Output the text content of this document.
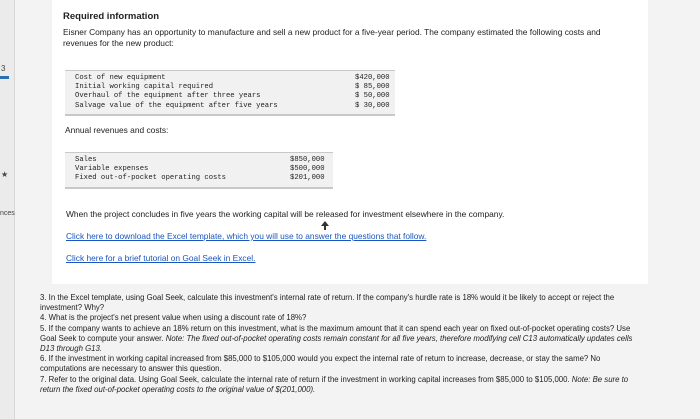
3
★
nces
Required information
Eisner Company has an opportunity to manufacture and sell a new product for a five-year period. The company estimated the following costs and revenues for the new product:
Cost of new equipment	$420,000
Initial working capital required	$ 85,000
Overhaul of the equipment after three years	$ 50,000
Salvage value of the equipment after five years	$ 30,000
Annual revenues and costs:
Sales	$850,000
Variable expenses	$500,000
Fixed out-of-pocket operating costs	$201,000
When the project concludes in five years the working capital will be released for investment elsewhere in the company.
Click here to download the Excel template, which you will use to answer the questions that follow.
Click here for a brief tutorial on Goal Seek in Excel.

3. In the Excel template, using Goal Seek, calculate this investment's internal rate of return. If the company's hurdle rate is 18% would it be likely to accept or reject the investment? Why?

4. What is the project's net present value when using a discount rate of 18%?

5. If the company wants to achieve an 18% return on this investment, what is the maximum amount that it can spend each year on fixed out-of-pocket operating costs? Use Goal Seek to compute your answer. Note: The fixed out-of-pocket operating costs remain constant for all five years, therefore modifying cell C13 automatically updates cells D13 through G13.

6. If the investment in working capital increased from $85,000 to $105,000 would you expect the internal rate of return to increase, decrease, or stay the same? No computations are necessary to answer this question.

7. Refer to the original data. Using Goal Seek, calculate the internal rate of return if the investment in working capital increases from $85,000 to $105,000. Note: Be sure to return the fixed out-of-pocket operating costs to the original value of $(201,000).
